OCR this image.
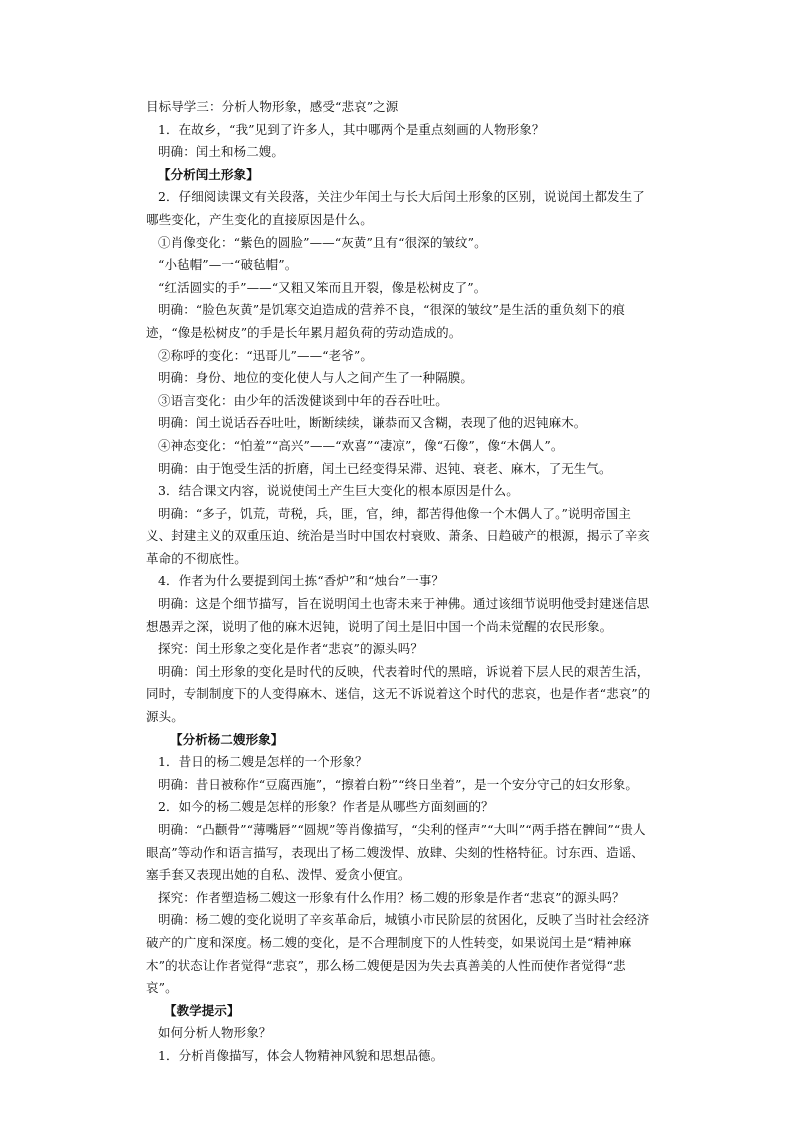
目标导学三：分析人物形象，感受“悲哀”之源

1．在故乡，“我”见到了许多人，其中哪两个是重点刻画的人物形象？

明确：闰土和杨二嫂。

【分析闰土形象】

2．仔细阅读课文有关段落，关注少年闰土与长大后闰土形象的区别，说说闰土都发生了哪些变化，产生变化的直接原因是什么。

①肖像变化：“紫色的圆脸”——“灰黄”且有“很深的皱纹”。

“小毡帽”—一“破毡帽”。

“红活圆实的手”——“又粗又笨而且开裂，像是松树皮了”。

明确：“脸色灰黄”是饥寒交迫造成的营养不良，“很深的皱纹”是生活的重负刻下的痕迹，“像是松树皮”的手是长年累月超负荷的劳动造成的。

②称呼的变化：“迅哥儿”——“老爷”。

明确：身份、地位的变化使人与人之间产生了一种隔膜。

③语言变化：由少年的活泼健谈到中年的吞吞吐吐。

明确：闰土说话吞吞吐吐，断断续续，谦恭而又含糊，表现了他的迟钝麻木。

④神态变化：“怕羞”“高兴”——“欢喜”“凄凉”，像“石像”，像“木偶人”。

明确：由于饱受生活的折磨，闰土已经变得呆滞、迟钝、衰老、麻木，了无生气。

3．结合课文内容，说说使闰土产生巨大变化的根本原因是什么。

明确：“多子，饥荒，苛税，兵，匪，官，绅，都苦得他像一个木偶人了。”说明帝国主义、封建主义的双重压迫、统治是当时中国农村衰败、萧条、日趋破产的根源，揭示了辛亥革命的不彻底性。

4．作者为什么要提到闰土拣“香炉”和“烛台”一事？

明确：这是个细节描写，旨在说明闰土也寄未来于神佛。通过该细节说明他受封建迷信思想愚弄之深，说明了他的麻木迟钝，说明了闰土是旧中国一个尚未觉醒的农民形象。

探究：闰土形象之变化是作者“悲哀”的源头吗？

明确：闰土形象的变化是时代的反映，代表着时代的黑暗，诉说着下层人民的艰苦生活，同时，专制制度下的人变得麻木、迷信，这无不诉说着这个时代的悲哀，也是作者“悲哀”的源头。

【分析杨二嫂形象】

1．昔日的杨二嫂是怎样的一个形象？

明确：昔日被称作“豆腐西施”，“擦着白粉”“终日坐着”，是一个安分守己的妇女形象。

2．如今的杨二嫂是怎样的形象？作者是从哪些方面刻画的？

明确：“凸颧骨”“薄嘴唇”“圆规”等肖像描写，“尖利的怪声”“大叫”“两手搭在髀间”“贵人眼高”等动作和语言描写，表现出了杨二嫂泼悍、放肆、尖刻的性格特征。讨东西、造谣、塞手套又表现出她的自私、泼悍、爱贪小便宜。

探究：作者塑造杨二嫂这一形象有什么作用？杨二嫂的形象是作者“悲哀”的源头吗？

明确：杨二嫂的变化说明了辛亥革命后，城镇小市民阶层的贫困化，反映了当时社会经济破产的广度和深度。杨二嫂的变化，是不合理制度下的人性转变，如果说闰土是“精神麻木”的状态让作者觉得“悲哀”，那么杨二嫂便是因为失去真善美的人性而使作者觉得“悲哀”。

【教学提示】

如何分析人物形象？

1．分析肖像描写，体会人物精神风貌和思想品德。
